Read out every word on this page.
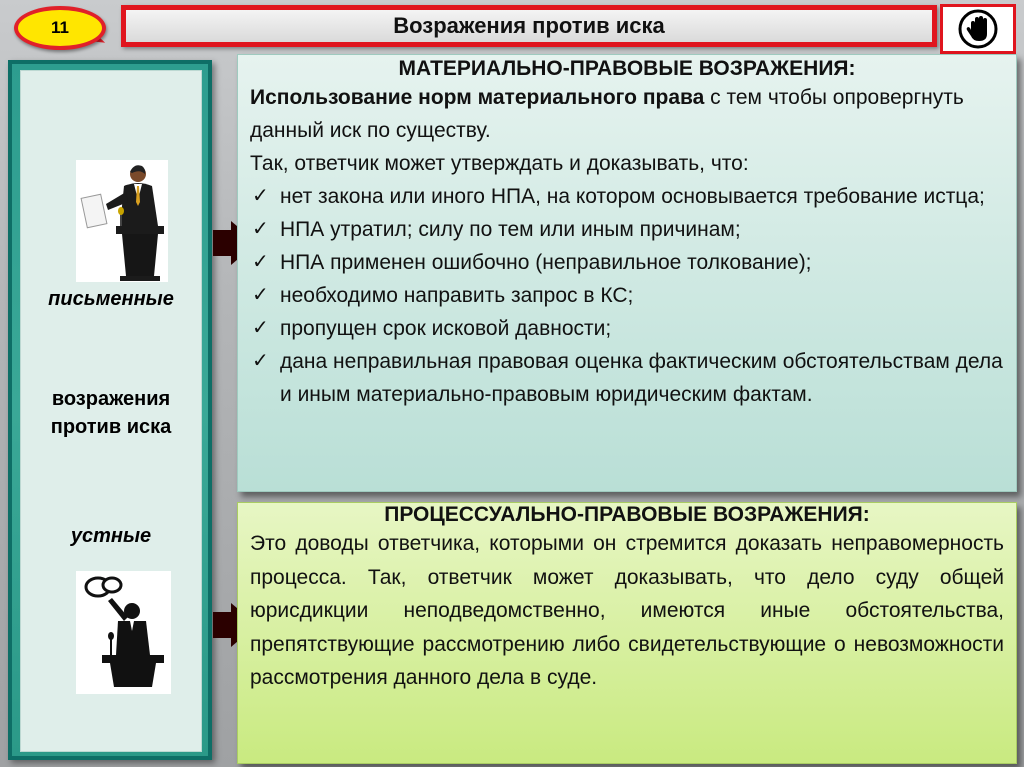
11	Возражения против иска
письменные
возражения
против иска
устные
МАТЕРИАЛЬНО-ПРАВОВЫЕ ВОЗРАЖЕНИЯ:
Использование норм материального права с тем чтобы опровергнуть данный иск по существу.
Так, ответчик может утверждать и доказывать, что:
✓ нет закона или иного НПА, на котором основывается требование истца;
✓ НПА утратил; силу по тем или иным причинам;
✓ НПА применен ошибочно (неправильное толкование);
✓ необходимо направить запрос в КС;
✓ пропущен срок исковой давности;
✓ дана неправильная правовая оценка фактическим обстоятельствам дела и иным материально-правовым юридическим фактам.
ПРОЦЕССУАЛЬНО-ПРАВОВЫЕ ВОЗРАЖЕНИЯ:
Это доводы ответчика, которыми он стремится доказать неправомерность процесса. Так, ответчик может доказывать, что дело суду общей юрисдикции неподведомственно, имеются иные обстоятельства, препятствующие рассмотрению либо свидетельствующие о невозможности рассмотрения данного дела в суде.
